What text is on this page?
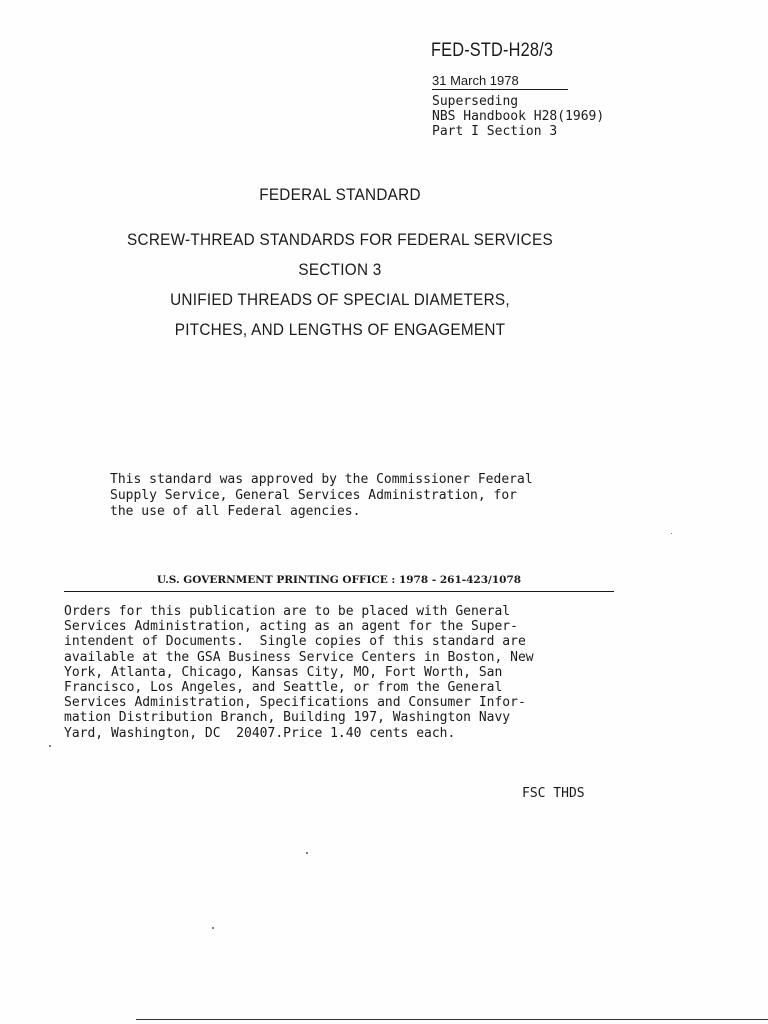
FED-STD-H28/3
31 March 1978
Superseding
NBS Handbook H28(1969)
Part I Section 3
FEDERAL STANDARD
SCREW-THREAD STANDARDS FOR FEDERAL SERVICES
SECTION 3
UNIFIED THREADS OF SPECIAL DIAMETERS,
PITCHES, AND LENGTHS OF ENGAGEMENT
This standard was approved by the Commissioner Federal
Supply Service, General Services Administration, for
the use of all Federal agencies.
U.S. GOVERNMENT PRINTING OFFICE : 1978 - 261-423/1078
Orders for this publication are to be placed with General
Services Administration, acting as an agent for the Super-
intendent of Documents.  Single copies of this standard are
available at the GSA Business Service Centers in Boston, New
York, Atlanta, Chicago, Kansas City, MO, Fort Worth, San
Francisco, Los Angeles, and Seattle, or from the General
Services Administration, Specifications and Consumer Infor-
mation Distribution Branch, Building 197, Washington Navy
Yard, Washington, DC  20407.Price 1.40 cents each.
FSC THDS
